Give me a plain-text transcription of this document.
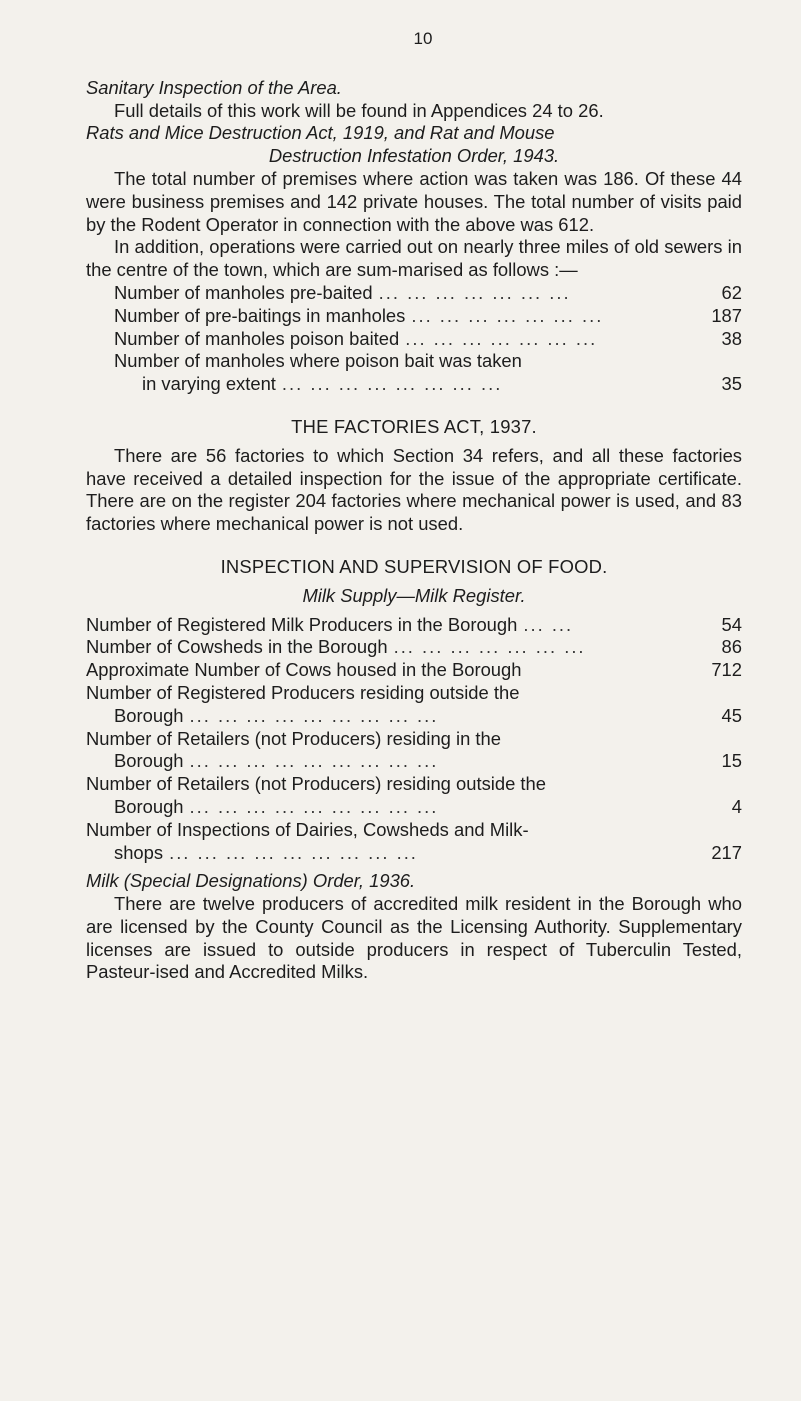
10

Sanitary Inspection of the Area.

Full details of this work will be found in Appendices 24 to 26.

Rats and Mice Destruction Act, 1919, and Rat and Mouse

Destruction Infestation Order, 1943.

The total number of premises where action was taken was 186. Of these 44 were business premises and 142 private houses. The total number of visits paid by the Rodent Operator in connection with the above was 612.

In addition, operations were carried out on nearly three miles of old sewers in the centre of the town, which are sum-marised as follows :—

Number of manholes pre-baited ... ... ... ... ... ... ...	62
Number of pre-baitings in manholes ... ... ... ... ... ... ...	187
Number of manholes poison baited ... ... ... ... ... ... ...	38
Number of manholes where poison bait was taken
in varying extent ... ... ... ... ... ... ... ...	35

THE FACTORIES ACT, 1937.

There are 56 factories to which Section 34 refers, and all these factories have received a detailed inspection for the issue of the appropriate certificate. There are on the register 204 factories where mechanical power is used, and 83 factories where mechanical power is not used.

INSPECTION AND SUPERVISION OF FOOD.

Milk Supply—Milk Register.

Number of Registered Milk Producers in the Borough ... ...	54
Number of Cowsheds in the Borough ... ... ... ... ... ... ...	86
Approximate Number of Cows housed in the Borough	712
Number of Registered Producers residing outside the
Borough ... ... ... ... ... ... ... ... ...	45
Number of Retailers (not Producers) residing in the
Borough ... ... ... ... ... ... ... ... ...	15
Number of Retailers (not Producers) residing outside the
Borough ... ... ... ... ... ... ... ... ...	4
Number of Inspections of Dairies, Cowsheds and Milk-
shops ... ... ... ... ... ... ... ... ...	217

Milk (Special Designations) Order, 1936.

There are twelve producers of accredited milk resident in the Borough who are licensed by the County Council as the Licensing Authority. Supplementary licenses are issued to outside producers in respect of Tuberculin Tested, Pasteur-ised and Accredited Milks.
